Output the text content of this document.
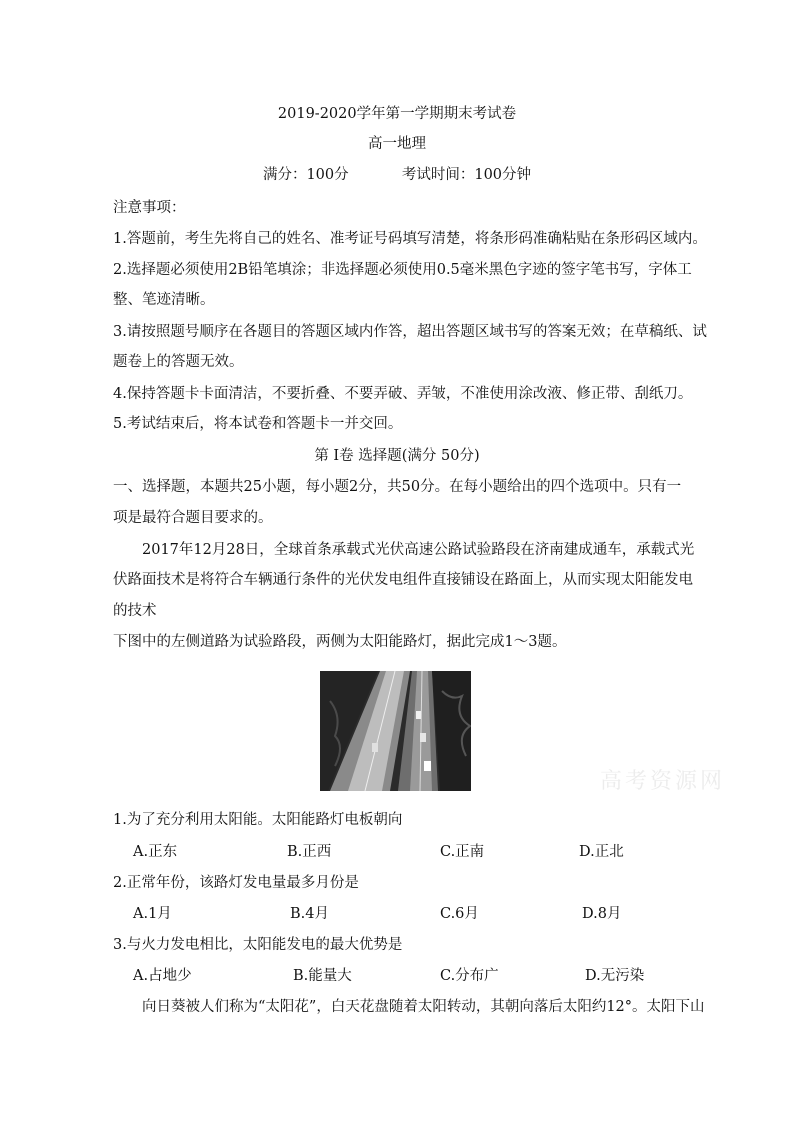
2019-2020学年第一学期期末考试卷
高一地理
满分：100分	考试时间：100分钟
注意事项：
1.答题前，考生先将自己的姓名、准考证号码填写清楚，将条形码准确粘贴在条形码区域内。
2.选择题必须使用2B铅笔填涂；非选择题必须使用0.5毫米黑色字迹的签字笔书写，字体工
整、笔迹清晰。
3.请按照题号顺序在各题目的答题区域内作答，超出答题区域书写的答案无效；在草稿纸、试
题卷上的答题无效。
4.保持答题卡卡面清洁，不要折叠、不要弄破、弄皱，不准使用涂改液、修正带、刮纸刀。
5.考试结束后，将本试卷和答题卡一并交回。
第 I卷 选择题(满分 50分)
一、选择题，本题共25小题，每小题2分，共50分。在每小题给出的四个选项中。只有一
项是最符合题目要求的。
2017年12月28日，全球首条承载式光伏高速公路试验路段在济南建成通车，承载式光
伏路面技术是将符合车辆通行条件的光伏发电组件直接铺设在路面上，从而实现太阳能发电
的技术
下图中的左侧道路为试验路段，两侧为太阳能路灯，据此完成1～3题。
高考资源网
1.为了充分利用太阳能。太阳能路灯电板朝向
A.正东	B.正西	C.正南	D.正北
2.正常年份，该路灯发电量最多月份是
A.1月	B.4月	C.6月	D.8月
3.与火力发电相比，太阳能发电的最大优势是
A.占地少	B.能量大	C.分布广	D.无污染
向日葵被人们称为“太阳花”，白天花盘随着太阳转动，其朝向落后太阳约12°。太阳下山
